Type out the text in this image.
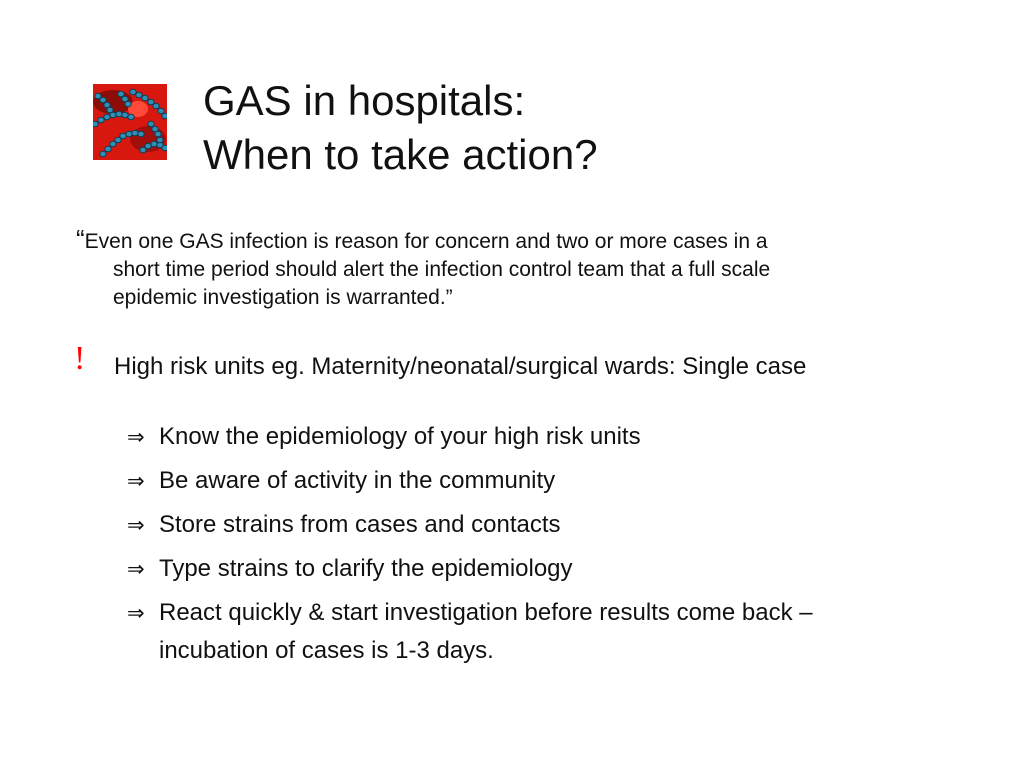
GAS in hospitals:
When to take action?
“Even one GAS infection is reason for concern and two or more cases in a
short time period should alert the infection control team that a full scale
epidemic investigation is warranted.”
! High risk units eg. Maternity/neonatal/surgical wards: Single case
⇒ Know the epidemiology of your high risk units
⇒ Be aware of activity in the community
⇒ Store strains from cases and contacts
⇒ Type strains to clarify the epidemiology
⇒ React quickly & start investigation before results come back –
incubation of cases is 1-3 days.
